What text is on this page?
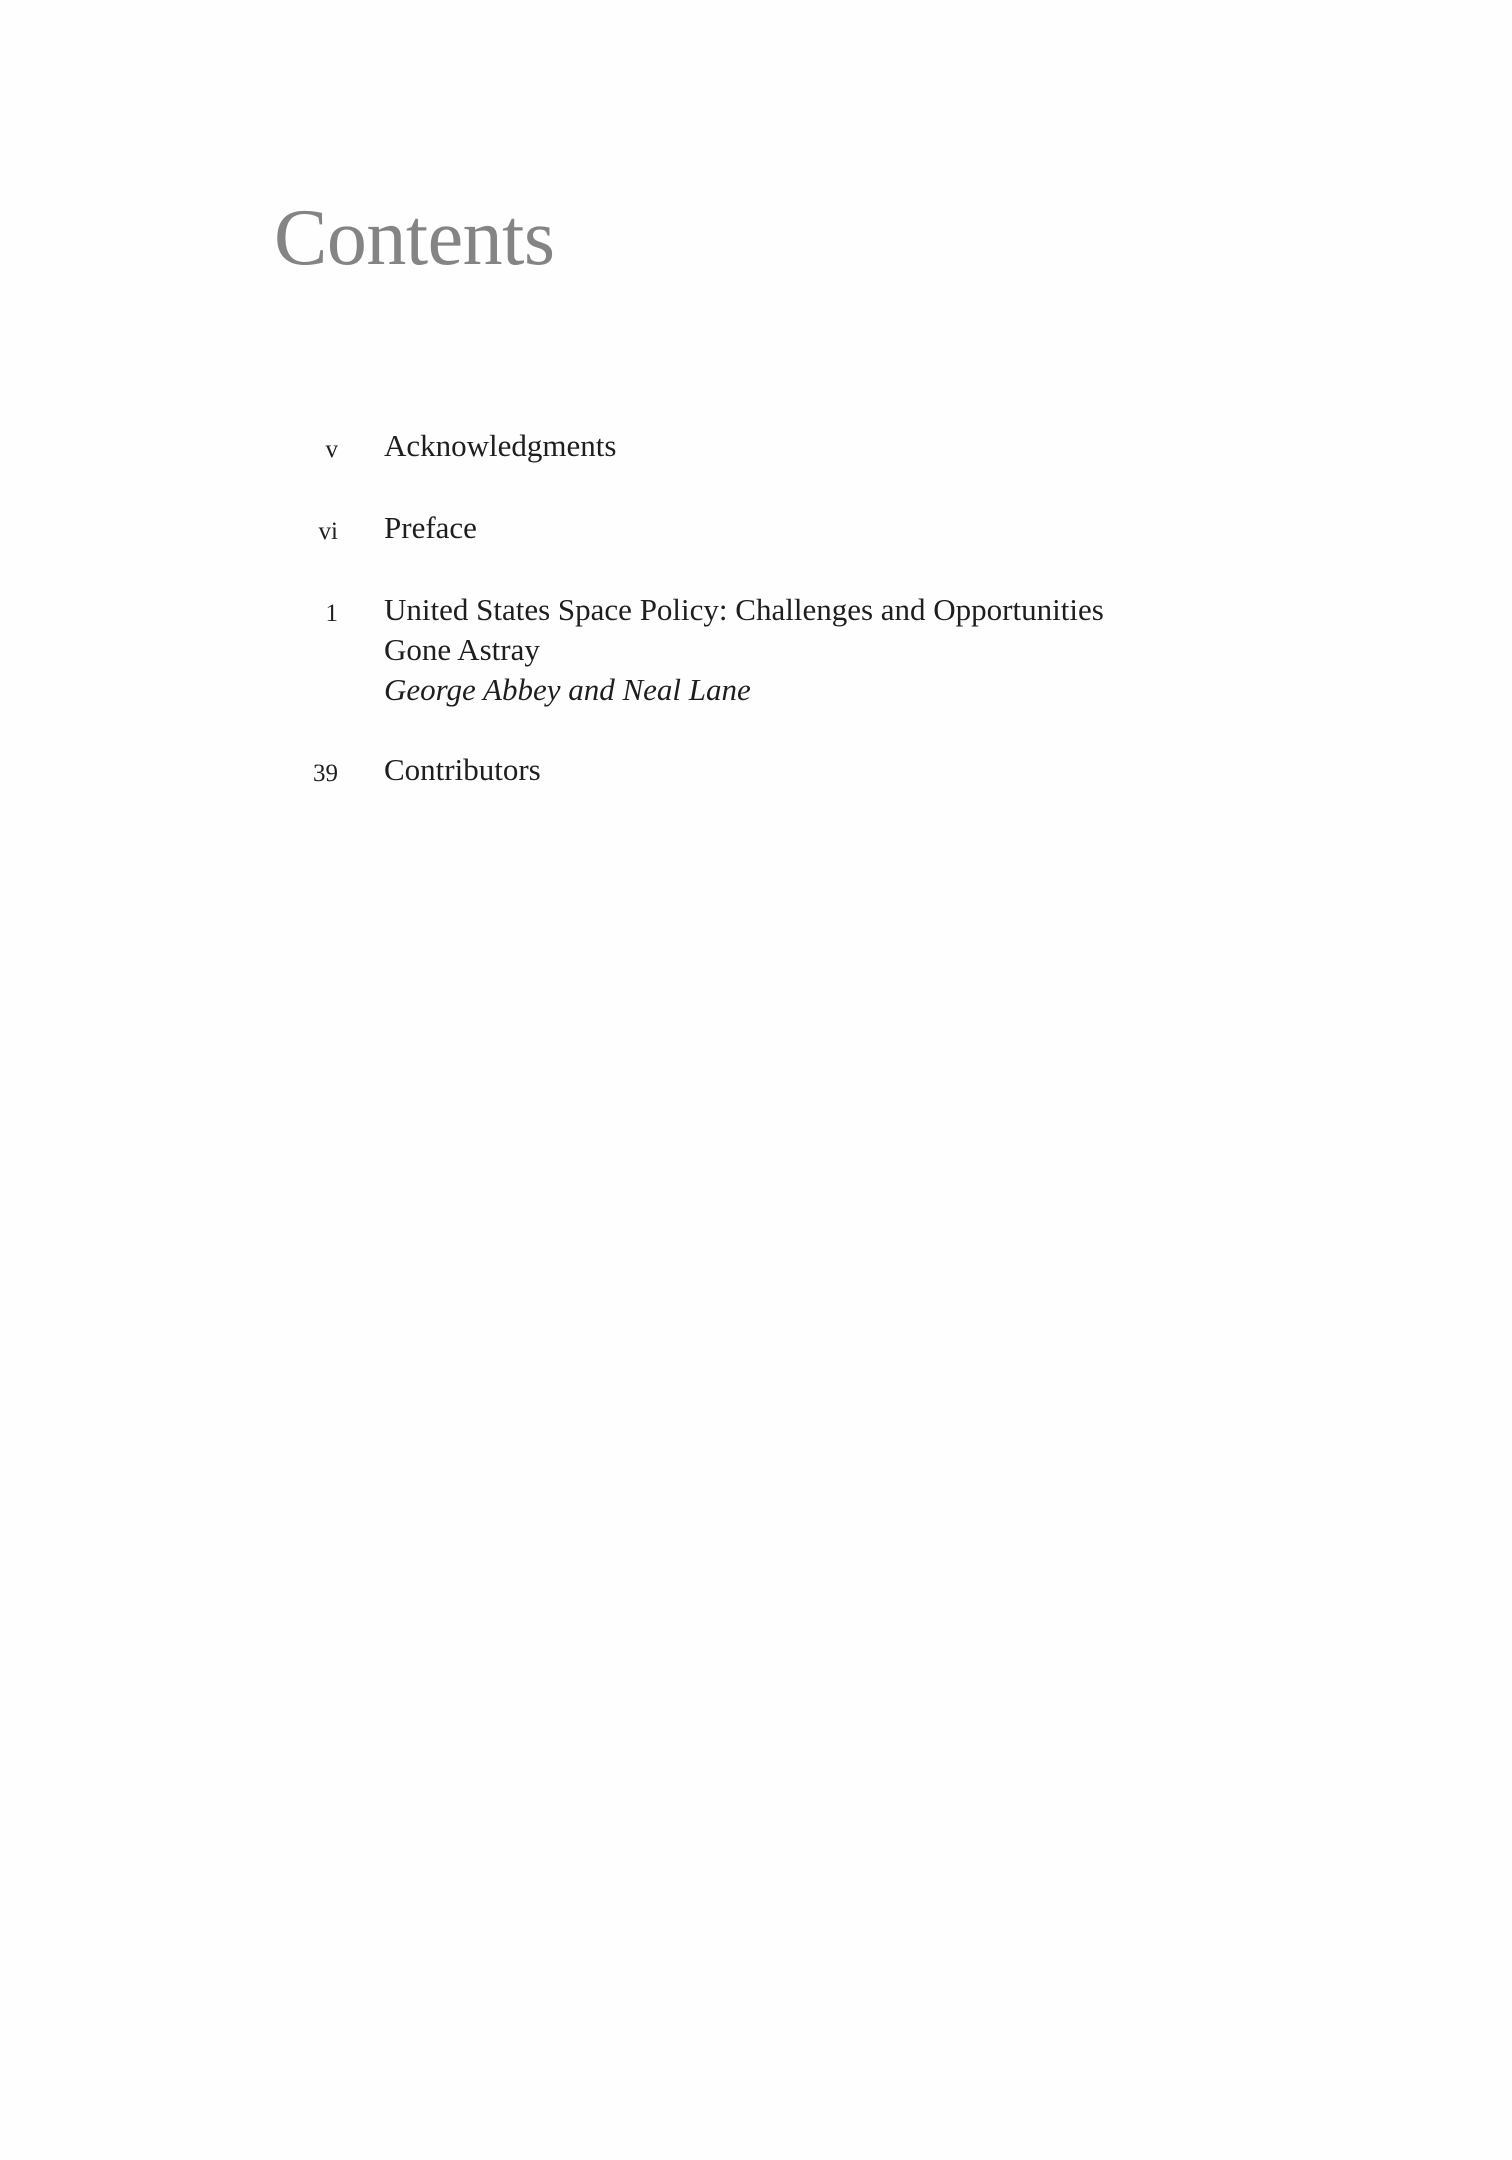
Contents
v Acknowledgments
vi Preface
1 United States Space Policy: Challenges and Opportunities
Gone Astray
George Abbey and Neal Lane
39 Contributors
